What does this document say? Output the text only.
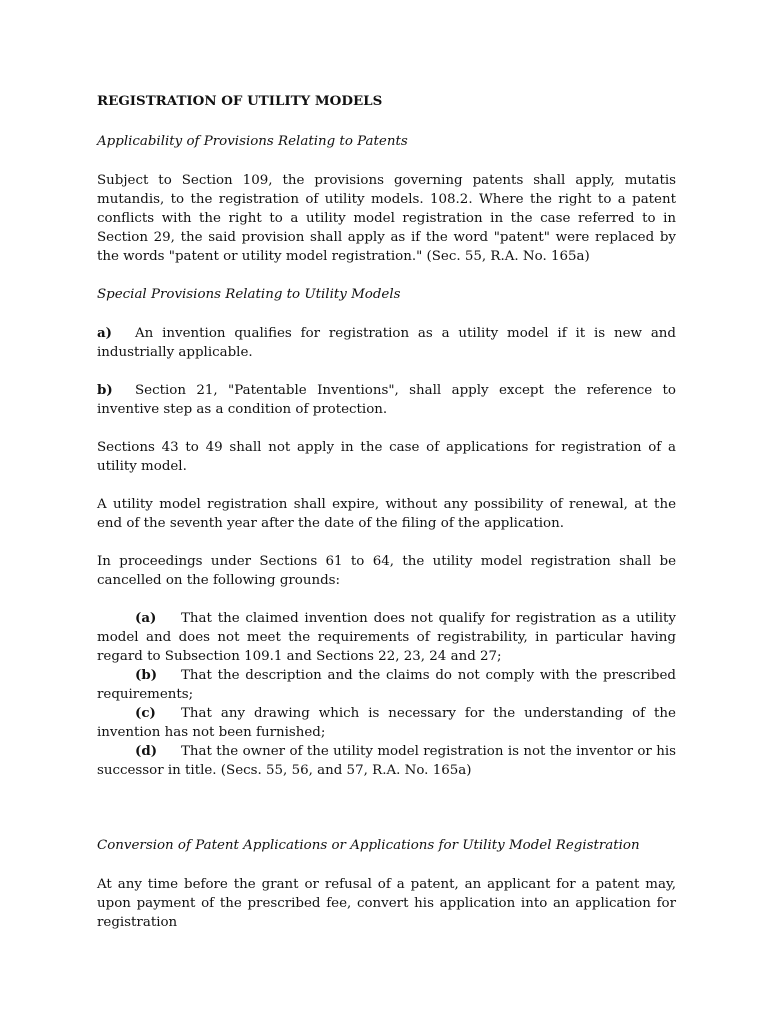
REGISTRATION OF UTILITY MODELS
Applicability of Provisions Relating to Patents

Subject to Section 109, the provisions governing patents shall apply, mutatis mutandis, to the registration of utility models. 108.2. Where the right to a patent conflicts with the right to a utility model registration in the case referred to in Section 29, the said provision shall apply as if the word "patent" were replaced by the words "patent or utility model registration." (Sec. 55, R.A. No. 165a)

Special Provisions Relating to Utility Models
a) An invention qualifies for registration as a utility model if it is new and industrially applicable.
b) Section 21, "Patentable Inventions", shall apply except the reference to inventive step as a condition of protection.

Sections 43 to 49 shall not apply in the case of applications for registration of a utility model.

A utility model registration shall expire, without any possibility of renewal, at the end of the seventh year after the date of the filing of the application.

In proceedings under Sections 61 to 64, the utility model registration shall be cancelled on the following grounds:

(a) That the claimed invention does not qualify for registration as a utility model and does not meet the requirements of registrability, in particular having regard to Subsection 109.1 and Sections 22, 23, 24 and 27;
(b) That the description and the claims do not comply with the prescribed requirements;
(c) That any drawing which is necessary for the understanding of the invention has not been furnished;
(d) That the owner of the utility model registration is not the inventor or his successor in title. (Secs. 55, 56, and 57, R.A. No. 165a)
Conversion of Patent Applications or Applications for Utility Model Registration

At any time before the grant or refusal of a patent, an applicant for a patent may, upon payment of the prescribed fee, convert his application into an application for registration
